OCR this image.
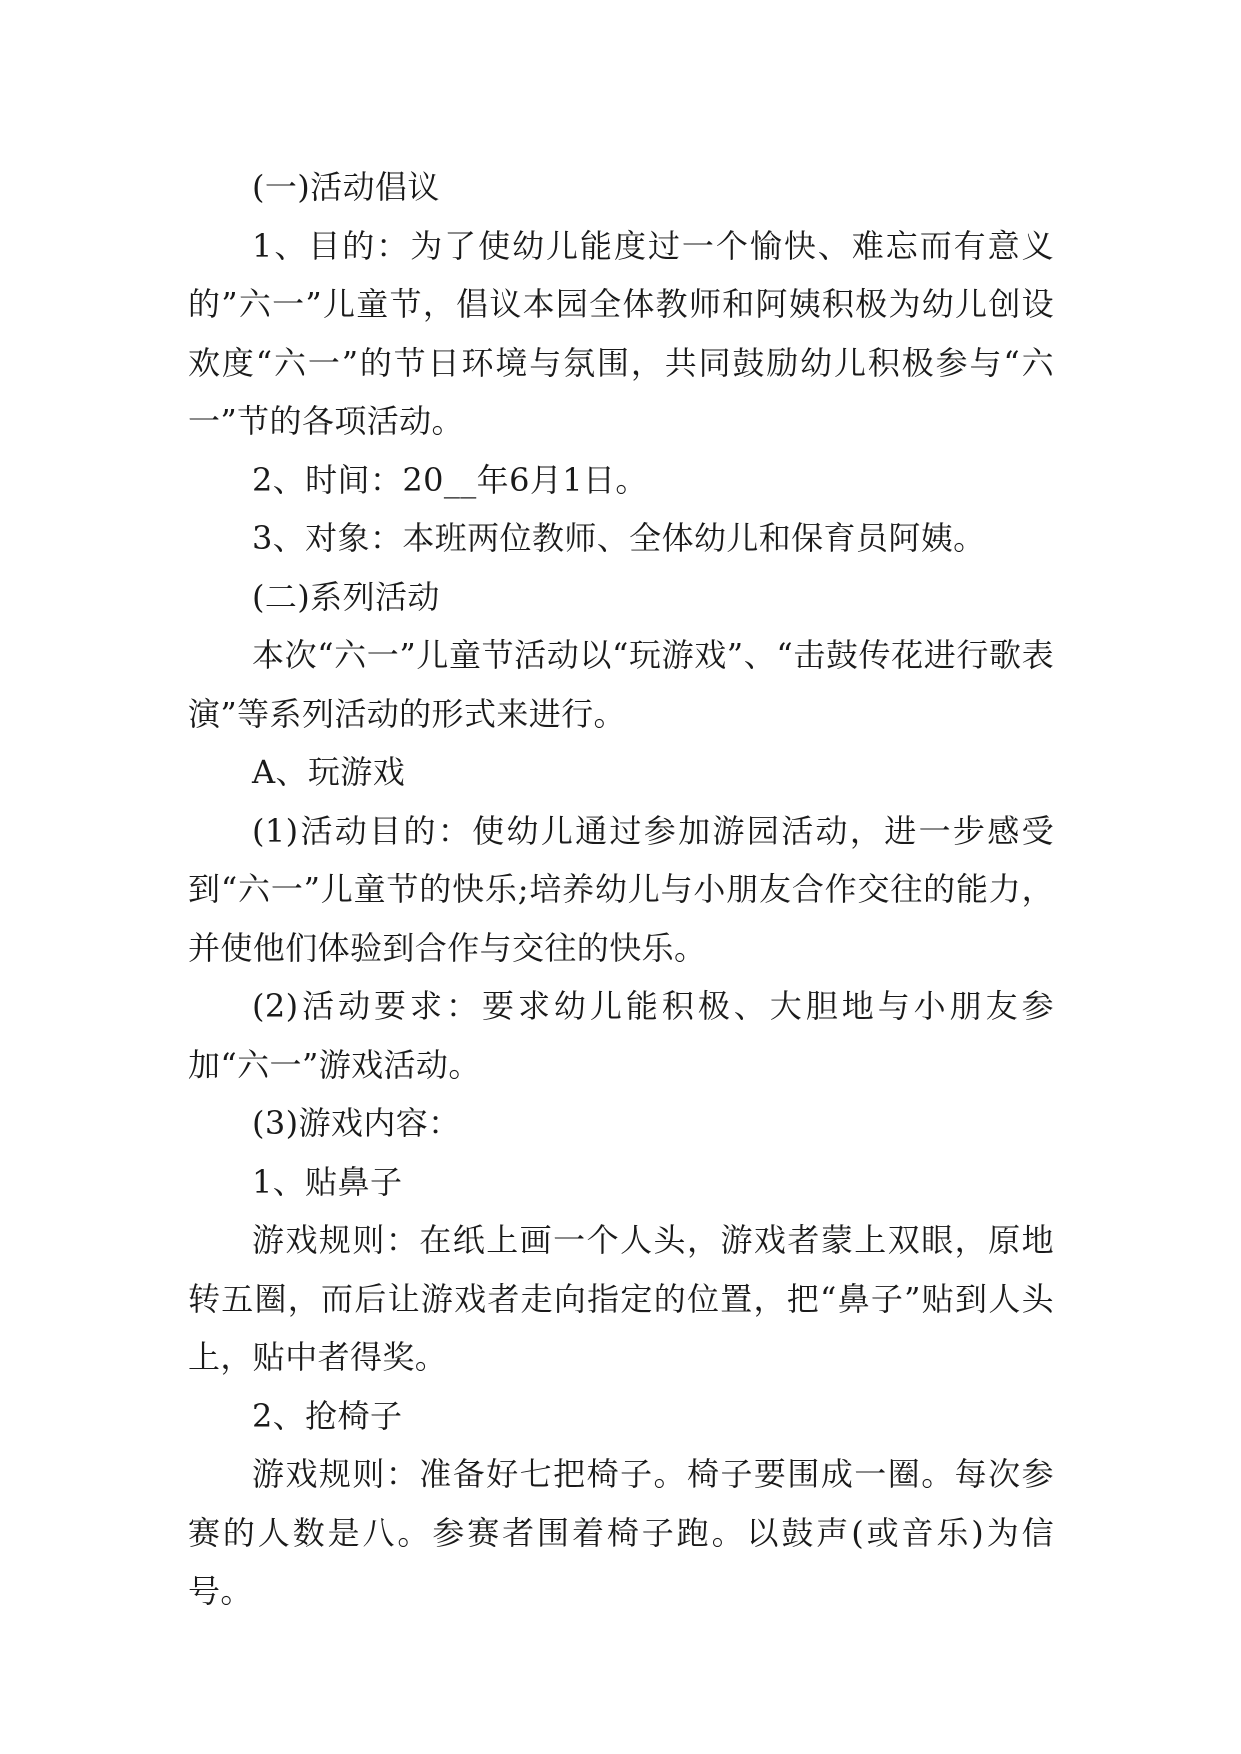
(一)活动倡议

1、目的：为了使幼儿能度过一个愉快、难忘而有意义的”六一”儿童节，倡议本园全体教师和阿姨积极为幼儿创设欢度“六一”的节日环境与氛围，共同鼓励幼儿积极参与“六一”节的各项活动。

2、时间：20__年6月1日。

3、对象：本班两位教师、全体幼儿和保育员阿姨。

(二)系列活动

本次“六一”儿童节活动以“玩游戏”、“击鼓传花进行歌表演”等系列活动的形式来进行。

A、玩游戏

(1)活动目的：使幼儿通过参加游园活动，进一步感受到“六一”儿童节的快乐;培养幼儿与小朋友合作交往的能力，并使他们体验到合作与交往的快乐。

(2)活动要求：要求幼儿能积极、大胆地与小朋友参加“六一”游戏活动。

(3)游戏内容：

1、贴鼻子

游戏规则：在纸上画一个人头，游戏者蒙上双眼，原地转五圈，而后让游戏者走向指定的位置，把“鼻子”贴到人头上，贴中者得奖。

2、抢椅子

游戏规则：准备好七把椅子。椅子要围成一圈。每次参赛的人数是八。参赛者围着椅子跑。以鼓声(或音乐)为信号。
